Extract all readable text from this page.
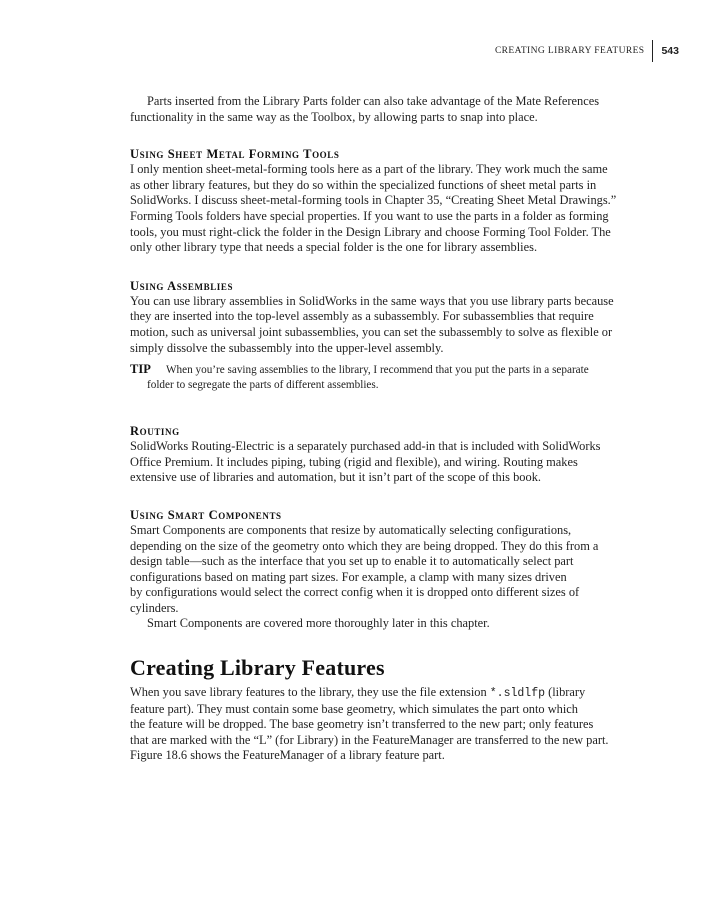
CREATING LIBRARY FEATURES	543

Parts inserted from the Library Parts folder can also take advantage of the Mate References
functionality in the same way as the Toolbox, by allowing parts to snap into place.

Using Sheet Metal Forming Tools

I only mention sheet-metal-forming tools here as a part of the library. They work much the same
as other library features, but they do so within the specialized functions of sheet metal parts in
SolidWorks. I discuss sheet-metal-forming tools in Chapter 35, “Creating Sheet Metal Drawings.”
Forming Tools folders have special properties. If you want to use the parts in a folder as forming
tools, you must right-click the folder in the Design Library and choose Forming Tool Folder. The
only other library type that needs a special folder is the one for library assemblies.

Using Assemblies

You can use library assemblies in SolidWorks in the same ways that you use library parts because
they are inserted into the top-level assembly as a subassembly. For subassemblies that require
motion, such as universal joint subassemblies, you can set the subassembly to solve as flexible or
simply dissolve the subassembly into the upper-level assembly.

TIP When you’re saving assemblies to the library, I recommend that you put the parts in a separate

folder to segregate the parts of different assemblies.
Routing

SolidWorks Routing-Electric is a separately purchased add-in that is included with SolidWorks
Office Premium. It includes piping, tubing (rigid and flexible), and wiring. Routing makes
extensive use of libraries and automation, but it isn’t part of the scope of this book.

Using Smart Components

Smart Components are components that resize by automatically selecting configurations,
depending on the size of the geometry onto which they are being dropped. They do this from a
design table—such as the interface that you set up to enable it to automatically select part
configurations based on mating part sizes. For example, a clamp with many sizes driven
by configurations would select the correct config when it is dropped onto different sizes of
cylinders.

Smart Components are covered more thoroughly later in this chapter.

Creating Library Features

When you save library features to the library, they use the file extension *.sldlfp (library
feature part). They must contain some base geometry, which simulates the part onto which
the feature will be dropped. The base geometry isn’t transferred to the new part; only features
that are marked with the “L” (for Library) in the FeatureManager are transferred to the new part.
Figure 18.6 shows the FeatureManager of a library feature part.
